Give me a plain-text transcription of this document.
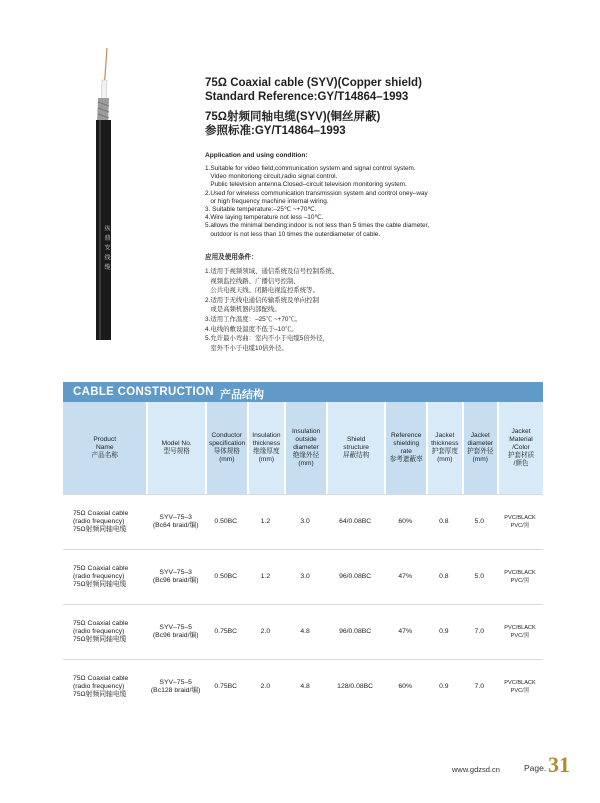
纵 鼎 安 线 缆
75Ω Coaxial cable (SYV)(Copper shield)
Standard Reference:GY/T14864–1993
75Ω射频同轴电缆(SYV)(铜丝屏蔽)
参照标准:GY/T14864–1993
Application and using condition:
1.Suitable for video field,communication system and signal control system.
Video monitoriong circuit,radio signal control.
Public television antenna.Closed–circuit television monitoring system.
2.Used for wireless communication transmission system and control oney–way
or high frequency machine internal wiring.
3. Suitable temperature:–25℃ ~+70℃.
4.Wire laying temperature not less –10℃.
5.allows the minimal bending:indoor is not less than 5 times the cable diameter,
outdoor is not less than 10 times the outerdiameter of cable.
应用及使用条件：
1.适用于视频领域、通信系统及信号控制系统、
视频监控线路、广播信号控制、
公共电视天线、闭路电视监控系统等。
2.适用于无线电通信传输系统及单向控制
或是高频机器内部配线。
3.适用工作温度：–25℃ ~+70℃。
4.电线的敷设温度不低于–10℃。
5.允许最小弯曲：室内不小于电缆5倍外径，
室外不小于电缆10倍外径。
CABLE CONSTRUCTION 产品结构
Product
Name
产品名称	Model No.
型号规格	Conductor
specification
导体规格
(mm)	Insulation
thickness
绝缘厚度
(mm)	Insulation
outside
diameter
绝缘外径
(mm)	Shield
structure
屏蔽结构	Reference
shielding
rate
参考遮蔽率	Jacket
thickness
护套厚度
(mm)	Jacket
diameter
护套外径
(mm)	Jacket
Material
/Color
护套材质
/颜色
75Ω Coaxial cable
(radio frequency)
75Ω射频同轴电缆	SYV–75–3
(Bc64 braid/编)	0.50BC	1.2	3.0	64/0.08BC	60%	0.8	5.0	PVC/BLACK
PVC/黑
75Ω Coaxial cable
(radio frequency)
75Ω射频同轴电缆	SYV–75–3
(Bc96 braid/编)	0.50BC	1.2	3.0	96/0.08BC	47%	0.8	5.0	PVC/BLACK
PVC/黑
75Ω Coaxial cable
(radio frequency)
75Ω射频同轴电缆	SYV–75–5
(Bc96 braid/编)	0.75BC	2.0	4.8	96/0.08BC	47%	0.9	7.0	PVC/BLACK
PVC/黑
75Ω Coaxial cable
(radio frequency)
75Ω射频同轴电缆	SYV–75–5
(Bc128 braid/编)	0.75BC	2.0	4.8	128/0.08BC	60%	0.9	7.0	PVC/BLACK
PVC/黑
www.gdzsd.cn	Page. 31
